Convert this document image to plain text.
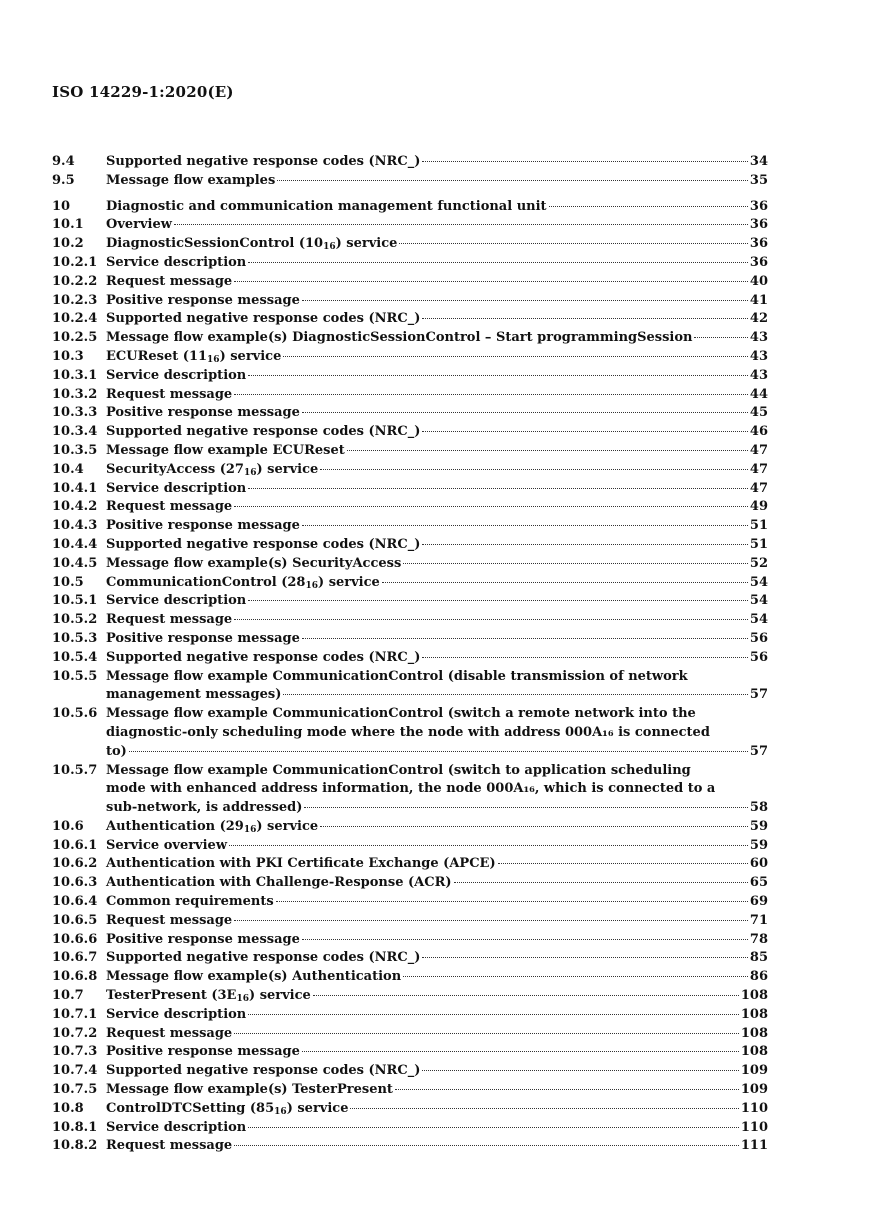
ISO 14229-1:2020(E)
9.4	Supported negative response codes (NRC_)	34
9.5	Message flow examples	35
10	Diagnostic and communication management functional unit	36
10.1	Overview	36
10.2	DiagnosticSessionControl $(10_{16})$ service	36
10.2.1 Service description	36
10.2.2 Request message	40
10.2.3 Positive response message	41
10.2.4 Supported negative response codes (NRC_)	42
10.2.5 Message flow example(s) DiagnosticSessionControl – Start programmingSession	43
10.3	ECUReset $(11_{16})$ service	43
10.3.1 Service description	43
10.3.2 Request message	44
10.3.3 Positive response message	45
10.3.4 Supported negative response codes (NRC_)	46
10.3.5 Message flow example ECUReset	47
10.4	SecurityAccess $(27_{16})$ service	47
10.4.1 Service description	47
10.4.2 Request message	49
10.4.3 Positive response message	51
10.4.4 Supported negative response codes (NRC_)	51
10.4.5 Message flow example(s) SecurityAccess	52
10.5	CommunicationControl $(28_{16})$ service	54
10.5.1 Service description	54
10.5.2 Request message	54
10.5.3 Positive response message	56
10.5.4 Supported negative response codes (NRC_)	56
10.5.5 Message flow example CommunicationControl (disable transmission of network
management messages)	57
10.5.6 Message flow example CommunicationControl (switch a remote network into the
diagnostic-only scheduling mode where the node with address 000A₁₆ is connected
to)	57
10.5.7 Message flow example CommunicationControl (switch to application scheduling
mode with enhanced address information, the node 000A₁₆, which is connected to a
sub-network, is addressed)	58
10.6	Authentication $(29_{16})$ service	59
10.6.1 Service overview	59
10.6.2 Authentication with PKI Certificate Exchange (APCE)	60
10.6.3 Authentication with Challenge-Response (ACR)	65
10.6.4 Common requirements	69
10.6.5 Request message	71
10.6.6 Positive response message	78
10.6.7 Supported negative response codes (NRC_)	85
10.6.8 Message flow example(s) Authentication	86
10.7	TesterPresent $(3E_{16})$ service	108
10.7.1 Service description	108
10.7.2 Request message	108
10.7.3 Positive response message	108
10.7.4 Supported negative response codes (NRC_)	109
10.7.5 Message flow example(s) TesterPresent	109
10.8	ControlDTCSetting $(85_{16})$ service	110
10.8.1 Service description	110
10.8.2 Request message	111
